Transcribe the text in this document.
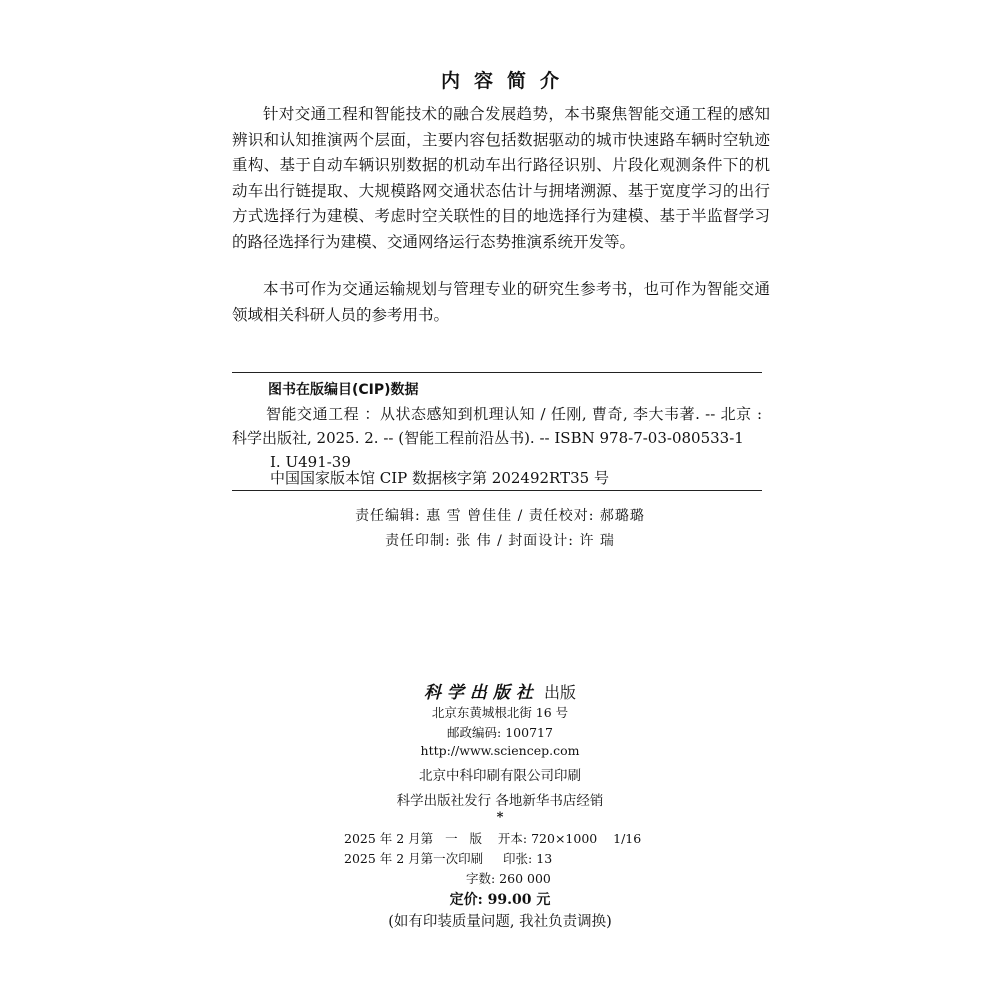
内容简介

针对交通工程和智能技术的融合发展趋势，本书聚焦智能交通工程的感知辨识和认知推演两个层面，主要内容包括数据驱动的城市快速路车辆时空轨迹重构、基于自动车辆识别数据的机动车出行路径识别、片段化观测条件下的机动车出行链提取、大规模路网交通状态估计与拥堵溯源、基于宽度学习的出行方式选择行为建模、考虑时空关联性的目的地选择行为建模、基于半监督学习的路径选择行为建模、交通网络运行态势推演系统开发等。

本书可作为交通运输规划与管理专业的研究生参考书，也可作为智能交通领域相关科研人员的参考用书。

图书在版编目(CIP)数据

智能交通工程 ：从状态感知到机理认知 / 任刚, 曹奇, 李大韦著. -- 北京 : 科学出版社, 2025. 2. -- (智能工程前沿丛书). -- ISBN 978-7-03-080533-1

Ⅰ. U491-39
中国国家版本馆 CIP 数据核字第 202492RT35 号
责任编辑: 惠 雪 曾佳佳 / 责任校对: 郝璐璐
责任印制: 张 伟 / 封面设计: 许 瑞
科学出版社 出版
北京东黄城根北街 16 号
邮政编码: 100717
http://www.sciencep.com
北京中科印刷有限公司印刷
科学出版社发行 各地新华书店经销
*
2025 年 2 月第   一   版    开本: 720×1000    1/16
2025 年 2 月第一次印刷     印张: 13
字数: 260 000
定价: 99.00 元
(如有印装质量问题, 我社负责调换)
